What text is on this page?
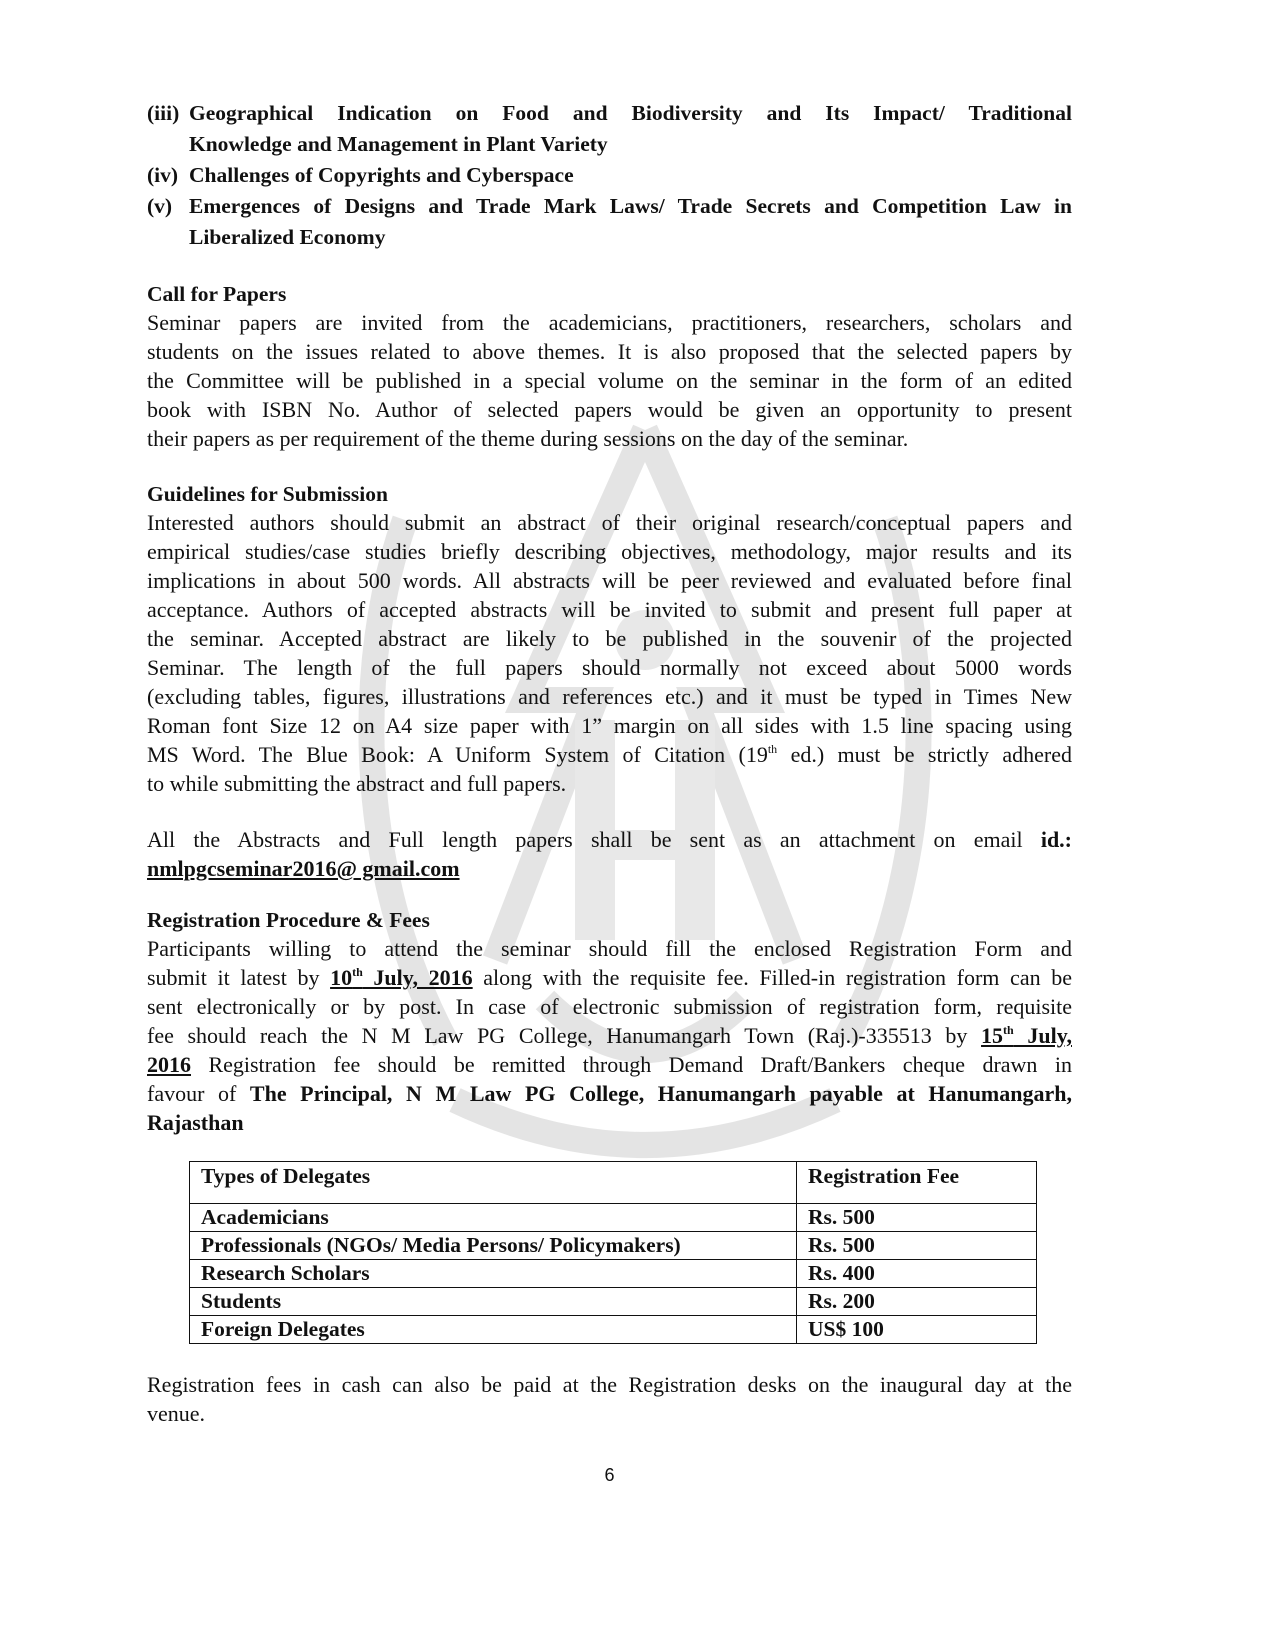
(iii) Geographical Indication on Food and Biodiversity and Its Impact/ Traditional
Knowledge and Management in Plant Variety
(iv) Challenges of Copyrights and Cyberspace
(v) Emergences of Designs and Trade Mark Laws/ Trade Secrets and Competition Law in
Liberalized Economy
Call for Papers
Seminar papers are invited from the academicians, practitioners, researchers, scholars and
students on the issues related to above themes. It is also proposed that the selected papers by
the Committee will be published in a special volume on the seminar in the form of an edited
book with ISBN No. Author of selected papers would be given an opportunity to present
their papers as per requirement of the theme during sessions on the day of the seminar.
Guidelines for Submission
Interested authors should submit an abstract of their original research/conceptual papers and
empirical studies/case studies briefly describing objectives, methodology, major results and its
implications in about 500 words. All abstracts will be peer reviewed and evaluated before final
acceptance. Authors of accepted abstracts will be invited to submit and present full paper at
the seminar. Accepted abstract are likely to be published in the souvenir of the projected
Seminar. The length of the full papers should normally not exceed about 5000 words
(excluding tables, figures, illustrations and references etc.) and it must be typed in Times New
Roman font Size 12 on A4 size paper with 1” margin on all sides with 1.5 line spacing using
MS Word. The Blue Book: A Uniform System of Citation (19th ed.) must be strictly adhered
to while submitting the abstract and full papers.
All the Abstracts and Full length papers shall be sent as an attachment on email id.:
nmlpgcseminar2016@ gmail.com
Registration Procedure & Fees
Participants willing to attend the seminar should fill the enclosed Registration Form and
submit it latest by 10th July, 2016 along with the requisite fee. Filled-in registration form can be
sent electronically or by post. In case of electronic submission of registration form, requisite
fee should reach the N M Law PG College, Hanumangarh Town (Raj.)-335513 by 15th July,
2016 Registration fee should be remitted through Demand Draft/Bankers cheque drawn in
favour of The Principal, N M Law PG College, Hanumangarh payable at Hanumangarh,
Rajasthan
Types of Delegates	Registration Fee
Academicians	Rs. 500
Professionals (NGOs/ Media Persons/ Policymakers)	Rs. 500
Research Scholars	Rs. 400
Students	Rs. 200
Foreign Delegates	US$ 100
Registration fees in cash can also be paid at the Registration desks on the inaugural day at the
venue.
6
